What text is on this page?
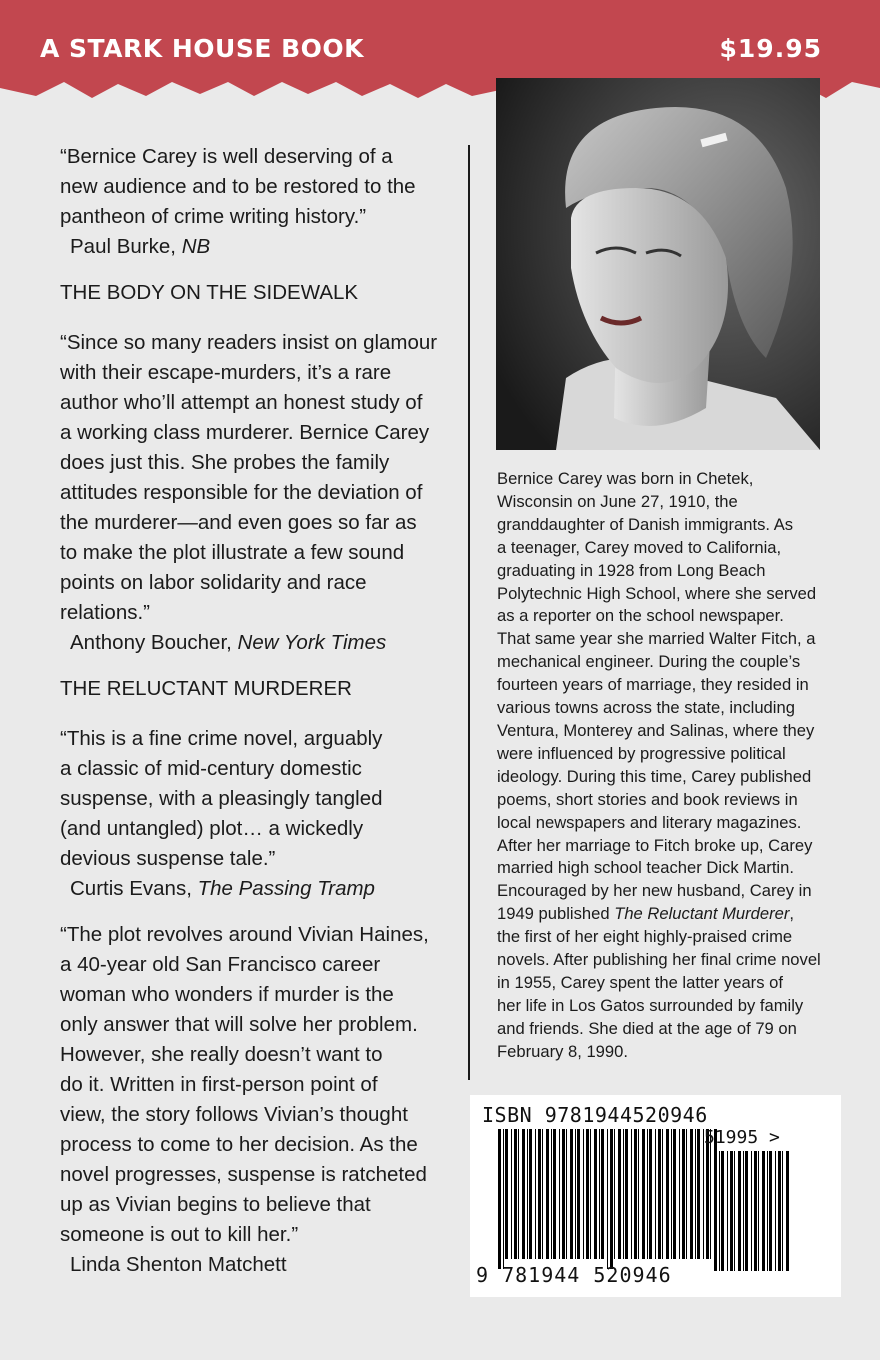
A STARK HOUSE BOOK	$19.95

“Bernice Carey is well deserving of a

new audience and to be restored to the

pantheon of crime writing history.”

Paul Burke, NB

THE BODY ON THE SIDEWALK

“Since so many readers insist on glamour

with their escape-murders, it’s a rare

author who’ll attempt an honest study of

a working class murderer. Bernice Carey

does just this. She probes the family

attitudes responsible for the deviation of

the murderer—and even goes so far as

to make the plot illustrate a few sound

points on labor solidarity and race

relations.”

Anthony Boucher, New York Times

THE RELUCTANT MURDERER

“This is a fine crime novel, arguably

a classic of mid-century domestic

suspense, with a pleasingly tangled

(and untangled) plot… a wickedly

devious suspense tale.”

Curtis Evans, The Passing Tramp

“The plot revolves around Vivian Haines,

a 40-year old San Francisco career

woman who wonders if murder is the

only answer that will solve her problem.

However, she really doesn’t want to

do it. Written in first-person point of

view, the story follows Vivian’s thought

process to come to her decision. As the

novel progresses, suspense is ratcheted

up as Vivian begins to believe that

someone is out to kill her.”

Linda Shenton Matchett

Bernice Carey was born in Chetek,
Wisconsin on June 27, 1910, the
granddaughter of Danish immigrants. As
a teenager, Carey moved to California,
graduating in 1928 from Long Beach
Polytechnic High School, where she served
as a reporter on the school newspaper.
That same year she married Walter Fitch, a
mechanical engineer. During the couple’s
fourteen years of marriage, they resided in
various towns across the state, including
Ventura, Monterey and Salinas, where they
were influenced by progressive political
ideology. During this time, Carey published
poems, short stories and book reviews in
local newspapers and literary magazines.
After her marriage to Fitch broke up, Carey
married high school teacher Dick Martin.
Encouraged by her new husband, Carey in
1949 published The Reluctant Murderer,
the first of her eight highly-praised crime
novels. After publishing her final crime novel
in 1955, Carey spent the latter years of
her life in Los Gatos surrounded by family
and friends. She died at the age of 79 on
February 8, 1990.
ISBN 9781944520946
51995 >
9 781944 520946
